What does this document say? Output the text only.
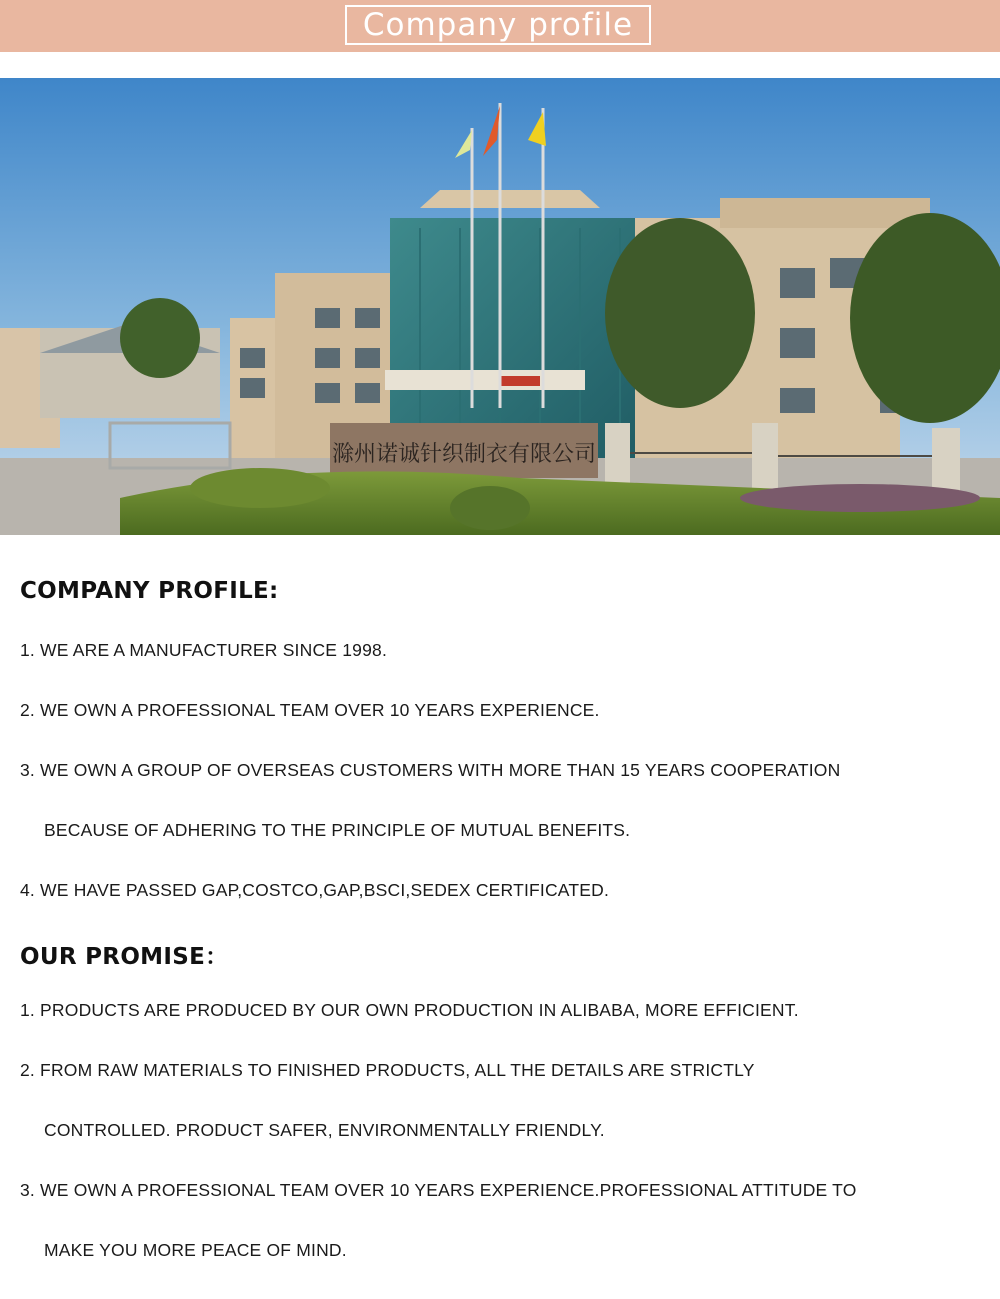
Company profile
滁州诺诚针织制衣有限公司
COMPANY PROFILE:
1. WE ARE A MANUFACTURER SINCE 1998.
2. WE OWN A PROFESSIONAL TEAM OVER 10 YEARS EXPERIENCE.
3. WE OWN A GROUP OF OVERSEAS CUSTOMERS WITH MORE THAN 15 YEARS COOPERATION
BECAUSE OF ADHERING TO THE PRINCIPLE OF MUTUAL BENEFITS.
4. WE HAVE PASSED GAP,COSTCO,GAP,BSCI,SEDEX CERTIFICATED.
OUR PROMISE：
1. PRODUCTS ARE PRODUCED BY OUR OWN PRODUCTION IN ALIBABA, MORE EFFICIENT.
2. FROM RAW MATERIALS TO FINISHED PRODUCTS, ALL THE DETAILS ARE STRICTLY
CONTROLLED. PRODUCT SAFER, ENVIRONMENTALLY FRIENDLY.
3. WE OWN A PROFESSIONAL TEAM OVER 10 YEARS EXPERIENCE.PROFESSIONAL ATTITUDE TO
MAKE YOU MORE PEACE OF MIND.
